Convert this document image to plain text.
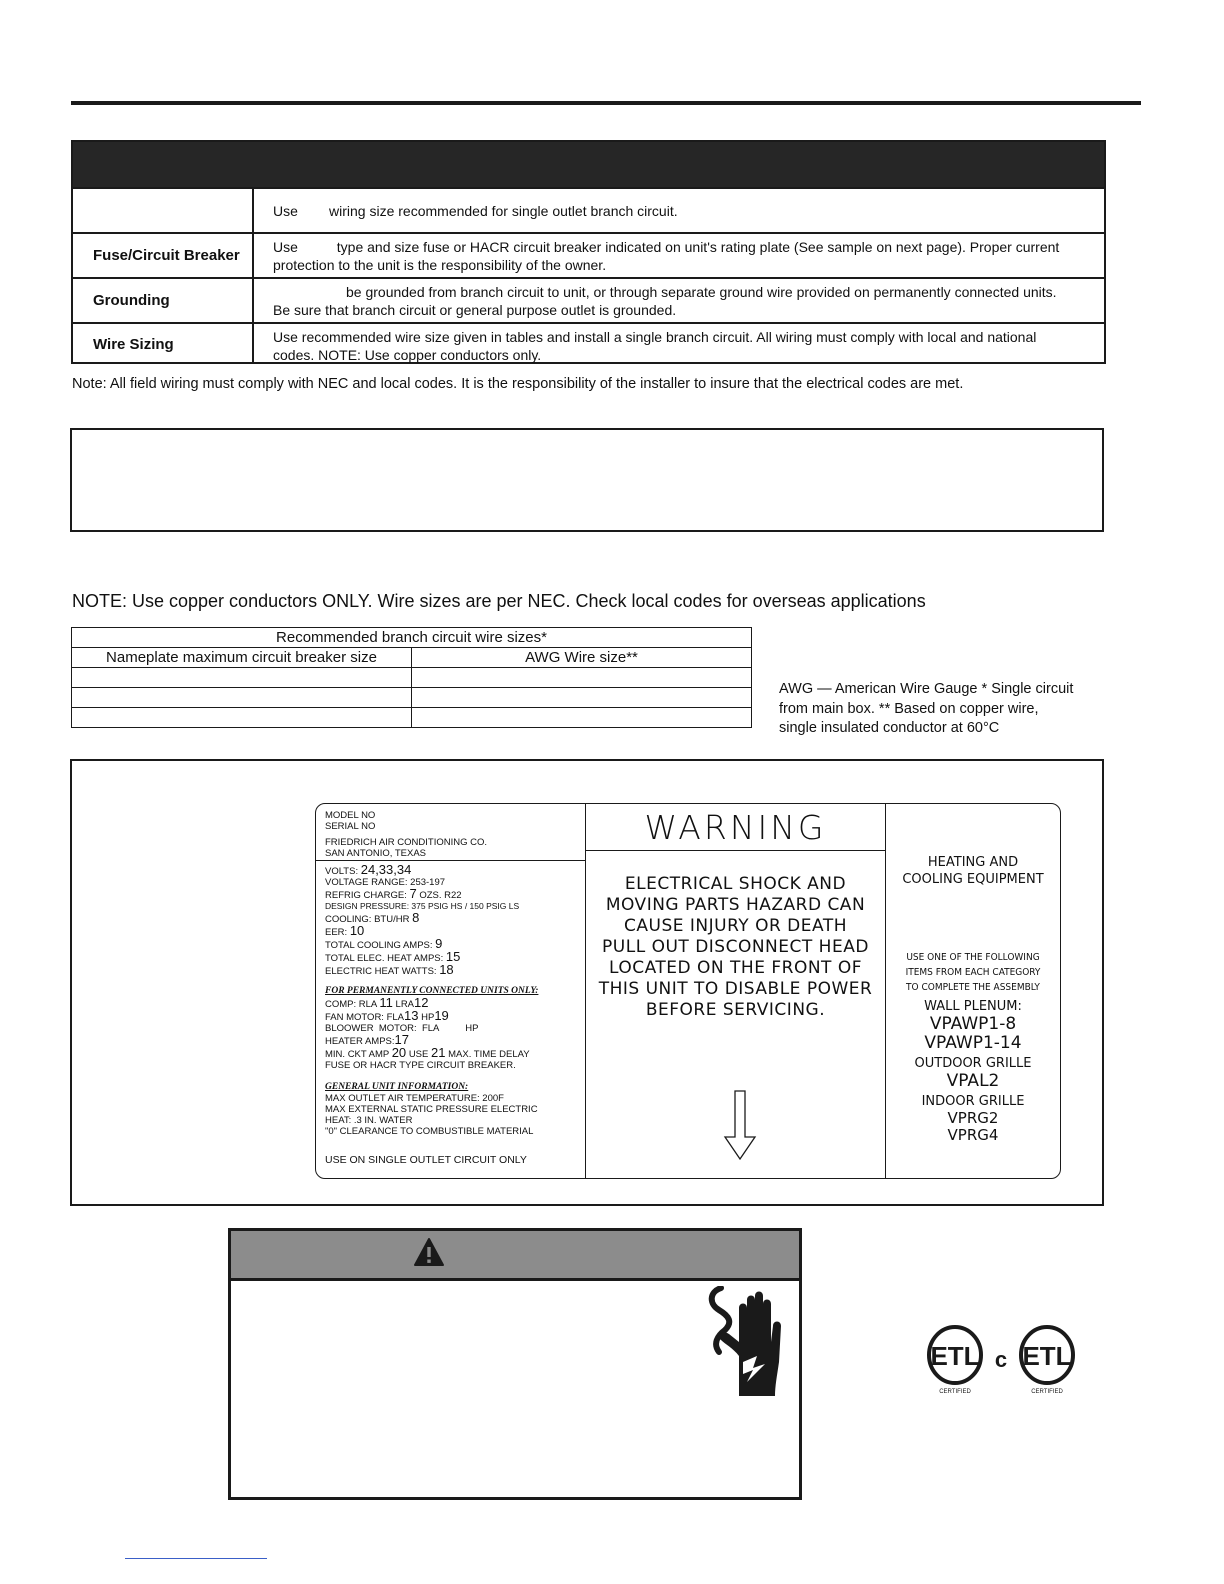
Use        wiring size recommended for single outlet branch circuit.
Fuse/Circuit Breaker	Use          type and size fuse or HACR circuit breaker indicated on unit's rating plate (See sample on next page). Proper current
protection to the unit is the responsibility of the owner.
Grounding	be grounded from branch circuit to unit, or through separate ground wire provided on permanently connected units.
Be sure that branch circuit or general purpose outlet is grounded.
Wire Sizing	Use recommended wire size given in tables and install a single branch circuit. All wiring must comply with local and national
codes. NOTE: Use copper conductors only.
Note: All field wiring must comply with NEC and local codes. It is the responsibility of the installer to insure that the electrical codes are met.
NOTE: Use copper conductors ONLY. Wire sizes are per NEC. Check local codes for overseas applications
Recommended branch circuit wire sizes*	
Nameplate maximum circuit breaker size	AWG Wire size**

AWG — American Wire Gauge * Single circuit from main box. ** Based on copper wire, single insulated conductor at 60°C
MODEL NO
SERIAL NO
FRIEDRICH AIR CONDITIONING CO.
SAN ANTONIO, TEXAS
VOLTS: 24,33,34
VOLTAGE RANGE: 253-197
REFRIG CHARGE: 7 OZS. R22
DESIGN PRESSURE: 375 PSIG HS / 150 PSIG LS
COOLING: BTU/HR 8
EER: 10
TOTAL COOLING AMPS: 9
TOTAL ELEC. HEAT AMPS: 15
ELECTRIC HEAT WATTS: 18
FOR PERMANENTLY CONNECTED UNITS ONLY:
COMP: RLA 11 LRA12
FAN MOTOR: FLA13 HP19
BLOOWER  MOTOR:  FLA          HP
HEATER AMPS:17
MIN. CKT AMP 20 USE 21 MAX. TIME DELAY
FUSE OR HACR TYPE CIRCUIT BREAKER.
GENERAL UNIT INFORMATION:
MAX OUTLET AIR TEMPERATURE: 200F
MAX EXTERNAL STATIC PRESSURE ELECTRIC
HEAT: .3 IN. WATER
"0" CLEARANCE TO COMBUSTIBLE MATERIAL
USE ON SINGLE OUTLET CIRCUIT ONLY
WARNING
ELECTRICAL SHOCK AND
MOVING PARTS HAZARD CAN
CAUSE INJURY OR DEATH
PULL OUT DISCONNECT HEAD
LOCATED ON THE FRONT OF
THIS UNIT TO DISABLE POWER
BEFORE SERVICING.
HEATING AND
COOLING EQUIPMENT
USE ONE OF THE FOLLOWING
ITEMS FROM EACH CATEGORY
TO COMPLETE THE ASSEMBLY
WALL PLENUM:
VPAWP1-8
VPAWP1-14
OUTDOOR GRILLE
VPAL2
INDOOR GRILLE
VPRG2
VPRG4
ETL
CERTIFIED
c ETL
CERTIFIED
